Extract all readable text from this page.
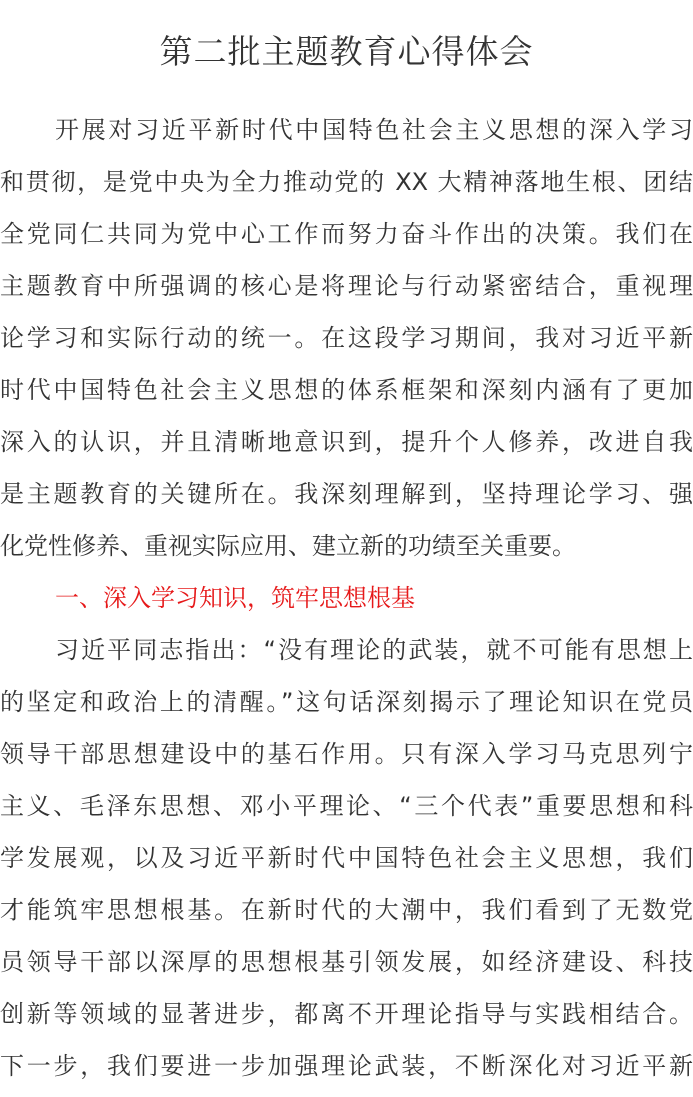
第二批主题教育心得体会
开展对习近平新时代中国特色社会主义思想的深入学习
和贯彻，是党中央为全力推动党的 XX 大精神落地生根、团结
全党同仁共同为党中心工作而努力奋斗作出的决策。我们在
主题教育中所强调的核心是将理论与行动紧密结合，重视理
论学习和实际行动的统一。在这段学习期间，我对习近平新
时代中国特色社会主义思想的体系框架和深刻内涵有了更加
深入的认识，并且清晰地意识到，提升个人修养，改进自我
是主题教育的关键所在。我深刻理解到，坚持理论学习、强
化党性修养、重视实际应用、建立新的功绩至关重要。
一、深入学习知识，筑牢思想根基
习近平同志指出：“没有理论的武装，就不可能有思想上
的坚定和政治上的清醒。”这句话深刻揭示了理论知识在党员
领导干部思想建设中的基石作用。只有深入学习马克思列宁
主义、毛泽东思想、邓小平理论、“三个代表”重要思想和科
学发展观，以及习近平新时代中国特色社会主义思想，我们
才能筑牢思想根基。在新时代的大潮中，我们看到了无数党
员领导干部以深厚的思想根基引领发展，如经济建设、科技
创新等领域的显著进步，都离不开理论指导与实践相结合。
下一步，我们要进一步加强理论武装，不断深化对习近平新
